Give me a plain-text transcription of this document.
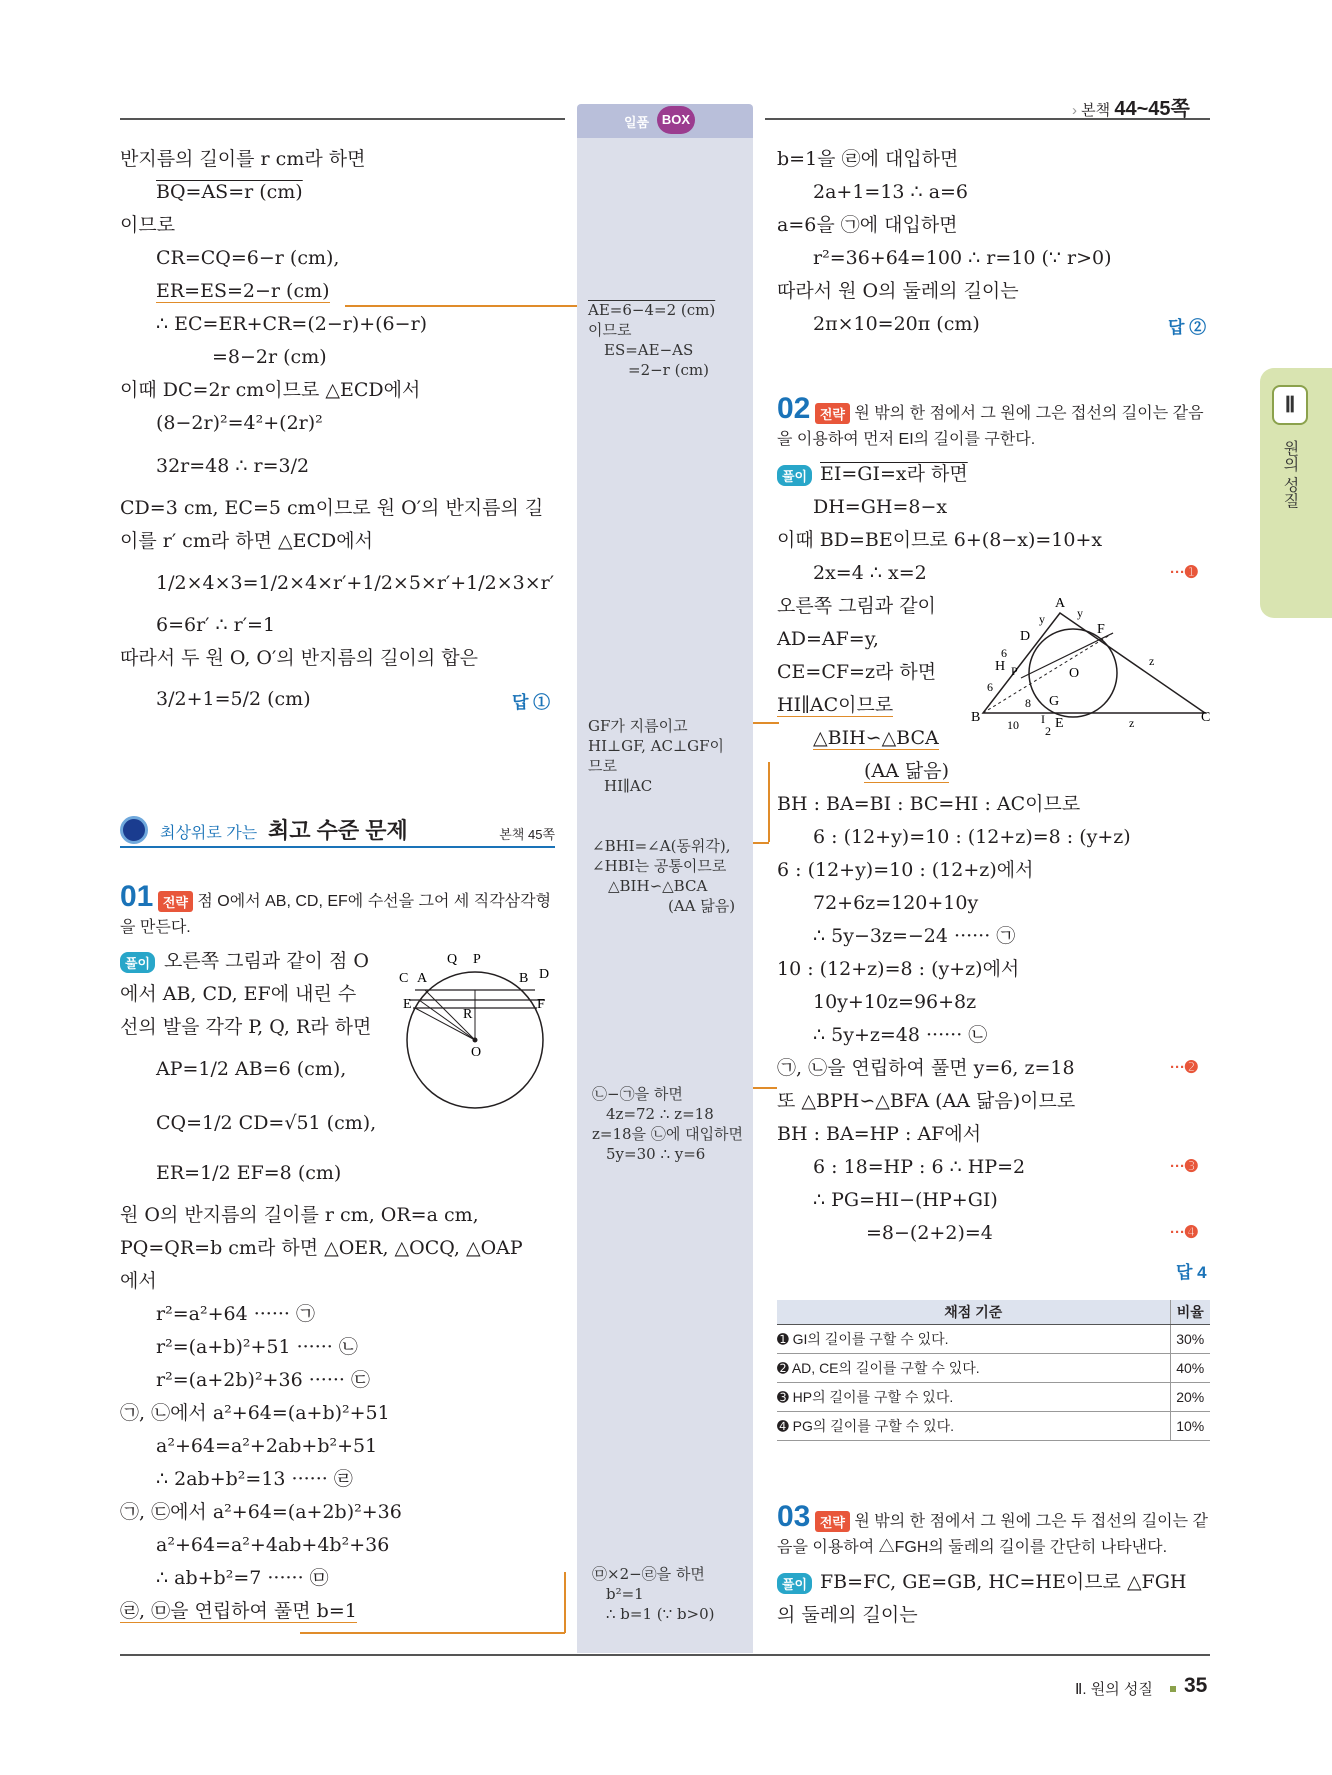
일품 BOX
› 본책 44~45쪽
Ⅱ
원의 성질
반지름의 길이를 r cm라 하면
BQ=AS=r (cm)
이므로
CR=CQ=6−r (cm),
ER=ES=2−r (cm)
∴ EC=ER+CR=(2−r)+(6−r)
=8−2r (cm)
이때 DC=2r cm이므로 △ECD에서
(8−2r)²=4²+(2r)²
32r=48 ∴ r=3/2
CD=3 cm, EC=5 cm이므로 원 O′의 반지름의 길
이를 r′ cm라 하면 △ECD에서
1/2×4×3=1/2×4×r′+1/2×5×r′+1/2×3×r′
6=6r′ ∴ r′=1
따라서 두 원 O, O′의 반지름의 길이의 합은
3/2+1=5/2 (cm)	답 ①
최상위로 가는 최고 수준 문제	본책 45쪽
01 전략 점 O에서 AB, CD, EF에 수선을 그어 세 직각삼각형을 만든다.
풀이 오른쪽 그림과 같이 점 O
에서 AB, CD, EF에 내린 수
선의 발을 각각 P, Q, R라 하면
AP=1/2 AB=6 (cm),
CQ=1/2 CD=√51 (cm),
ER=1/2 EF=8 (cm)
원 O의 반지름의 길이를 r cm, OR=a cm,
PQ=QR=b cm라 하면 △OER, △OCQ, △OAP
에서
r²=a²+64 ······ ㉠
r²=(a+b)²+51 ······ ㉡
r²=(a+2b)²+36 ······ ㉢
㉠, ㉡에서 a²+64=(a+b)²+51
a²+64=a²+2ab+b²+51
∴ 2ab+b²=13 ······ ㉣
㉠, ㉢에서 a²+64=(a+2b)²+36
a²+64=a²+4ab+4b²+36
∴ ab+b²=7 ······ ㉤
㉣, ㉤을 연립하여 풀면 b=1
Q P
C A	B D
E	F
R
O
AE=6−4=2 (cm)
이므로
ES=AE−AS
=2−r (cm)
GF가 지름이고
HI⊥GF, AC⊥GF이
므로
HI∥AC
∠BHI=∠A(동위각),
∠HBI는 공통이므로
△BIH∽△BCA
(AA 닮음)
㉡−㉠을 하면
4z=72 ∴ z=18
z=18을 ㉡에 대입하면
5y=30 ∴ y=6
㉤×2−㉣을 하면
b²=1
∴ b=1 (∵ b>0)
b=1을 ㉣에 대입하면
2a+1=13 ∴ a=6
a=6을 ㉠에 대입하면
r²=36+64=100 ∴ r=10 (∵ r>0)
따라서 원 O의 둘레의 길이는
2π×10=20π (cm)	답 ②
02 전략 원 밖의 한 점에서 그 원에 그은 접선의 길이는 같음을 이용하여 먼저 EI의 길이를 구한다.
풀이 EI=GI=x라 하면
DH=GH=8−x
이때 BD=BE이므로 6+(8−x)=10+x
2x=4 ∴ x=2
오른쪽 그림과 같이
AD=AF=y,
CE=CF=z라 하면
HI∥AC이므로
△BIH∽△BCA
(AA 닮음)
BH : BA=BI : BC=HI : AC이므로
6 : (12+y)=10 : (12+z)=8 : (y+z)
6 : (12+y)=10 : (12+z)에서
72+6z=120+10y
∴ 5y−3z=−24 ······ ㉠
10 : (12+z)=8 : (y+z)에서
10y+10z=96+8z
∴ 5y+z=48 ······ ㉡
㉠, ㉡을 연립하여 풀면 y=6, z=18
또 △BPH∽△BFA (AA 닮음)이므로
BH : BA=HP : AF에서
6 : 18=HP : 6 ∴ HP=2
∴ PG=HI−(HP+GI)
=8−(2+2)=4
···➊
···➋
···➌
···➍
답 4
A
y	y
D	F
H P	O
z
6
6
G
B	C
10 I E
2
z
8
채점 기준	비율
➊ GI의 길이를 구할 수 있다.	30%
➋ AD, CE의 길이를 구할 수 있다.	40%
➌ HP의 길이를 구할 수 있다.	20%
➍ PG의 길이를 구할 수 있다.	10%
03 전략 원 밖의 한 점에서 그 원에 그은 두 접선의 길이는 같음을 이용하여 △FGH의 둘레의 길이를 간단히 나타낸다.
풀이 FB=FC, GE=GB, HC=HE이므로 △FGH
의 둘레의 길이는
Ⅱ. 원의 성질 35
